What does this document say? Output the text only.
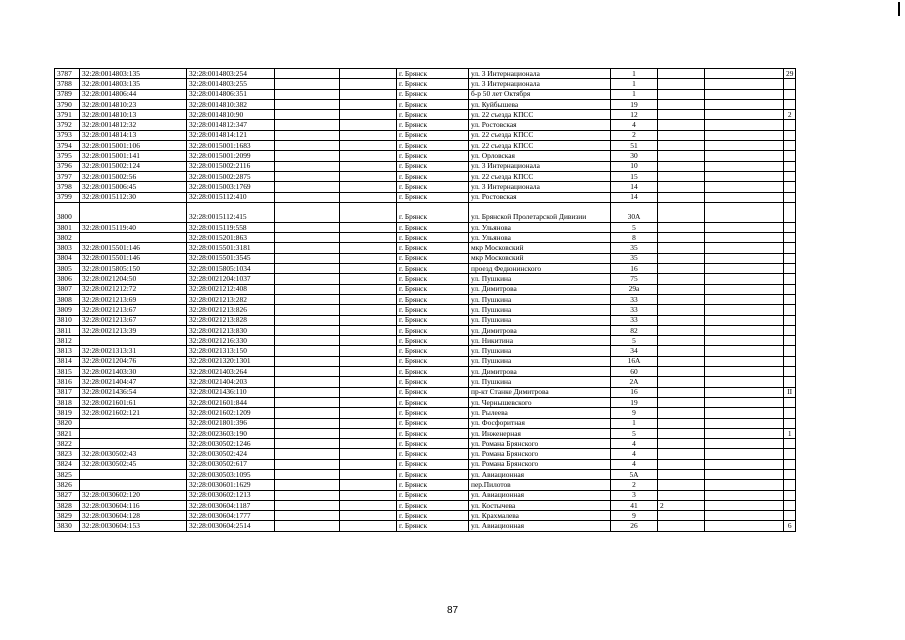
3787	32:28:0014803:135	32:28:0014803:254			г. Брянск	ул. 3 Интернационала	1			29
3788	32:28:0014803:135	32:28:0014803:255			г. Брянск	ул. 3 Интернационала	1			
3789	32:28:0014806:44	32:28:0014806:351			г. Брянск	б-р 50 лет Октября	1			
3790	32:28:0014810:23	32:28:0014810:382			г. Брянск	ул. Куйбышева	19			
3791	32:28:0014810:13	32:28:0014810:90			г. Брянск	ул. 22 съезда КПСС	12			2
3792	32:28:0014812:32	32:28:0014812:347			г. Брянск	ул. Ростовская	4			
3793	32:28:0014814:13	32:28:0014814:121			г. Брянск	ул. 22 съезда КПСС	2			
3794	32:28:0015001:106	32:28:0015001:1683			г. Брянск	ул. 22 съезда КПСС	51			
3795	32:28:0015001:141	32:28:0015001:2099			г. Брянск	ул. Орловская	30			
3796	32:28:0015002:124	32:28:0015002:2116			г. Брянск	ул. 3 Интернационала	10			
3797	32:28:0015002:56	32:28:0015002:2875			г. Брянск	ул. 22 съезда КПСС	15			
3798	32:28:0015006:45	32:28:0015003:1769			г. Брянск	ул. 3 Интернационала	14			
3799	32:28:0015112:30	32:28:0015112:410			г. Брянск	ул. Ростовская	14			
3800		32:28:0015112:415			г. Брянск	ул. Брянской Пролетарской Дивизии	30А			
3801	32:28:0015119:40	32:28:0015119:558			г. Брянск	ул. Ульянова	5			
3802		32:28:0015201:863			г. Брянск	ул. Ульянова	8			
3803	32:28:0015501:146	32:28:0015501:3181			г. Брянск	мкр Московский	35			
3804	32:28:0015501:146	32:28:0015501:3545			г. Брянск	мкр Московский	35			
3805	32:28:0015805:150	32:28:0015805:1034			г. Брянск	проезд Федюнинского	16			
3806	32:28:0021204:50	32:28:0021204:1037			г. Брянск	ул. Пушкина	75			
3807	32:28:0021212:72	32:28:0021212:408			г. Брянск	ул. Димитрова	29а			
3808	32:28:0021213:69	32:28:0021213:282			г. Брянск	ул. Пушкина	33			
3809	32:28:0021213:67	32:28:0021213:826			г. Брянск	ул. Пушкина	33			
3810	32:28:0021213:67	32:28:0021213:828			г. Брянск	ул. Пушкина	33			
3811	32:28:0021213:39	32:28:0021213:830			г. Брянск	ул. Димитрова	82			
3812		32:28:0021216:330			г. Брянск	ул. Никитина	5			
3813	32:28:0021313:31	32:28:0021313:150			г. Брянск	ул. Пушкина	34			
3814	32:28:0021204:76	32:28:0021320:1301			г. Брянск	ул. Пушкина	16А			
3815	32:28:0021403:30	32:28:0021403:264			г. Брянск	ул. Димитрова	60			
3816	32:28:0021404:47	32:28:0021404:203			г. Брянск	ул. Пушкина	2А			
3817	32:28:0021436:54	32:28:0021436:110			г. Брянск	пр-кт Станке Димитрова	16			II
3818	32:28:0021601:61	32:28:0021601:844			г. Брянск	ул. Чернышевского	19			
3819	32:28:0021602:121	32:28:0021602:1209			г. Брянск	ул. Рылеева	9			
3820		32:28:0021801:396			г. Брянск	ул. Фосфоритная	1			
3821		32:28:0023603:190			г. Брянск	ул. Инженерная	5			1
3822		32:28:0030502:1246			г. Брянск	ул. Романа Брянского	4			
3823	32:28:0030502:43	32:28:0030502:424			г. Брянск	ул. Романа Брянского	4			
3824	32:28:0030502:45	32:28:0030502:617			г. Брянск	ул. Романа Брянского	4			
3825		32:28:0030503:1095			г. Брянск	ул. Авиационная	5А			
3826		32:28:0030601:1629			г. Брянск	пер.Пилотов	2			
3827	32:28:0030602:120	32:28:0030602:1213			г. Брянск	ул. Авиационная	3			
3828	32:28:0030604:116	32:28:0030604:1187			г. Брянск	ул. Костычева	41	2		
3829	32:28:0030604:128	32:28:0030604:1777			г. Брянск	ул. Крахмалева	9			
3830	32:28:0030604:153	32:28:0030604:2514			г. Брянск	ул. Авиационная	26			6
87
